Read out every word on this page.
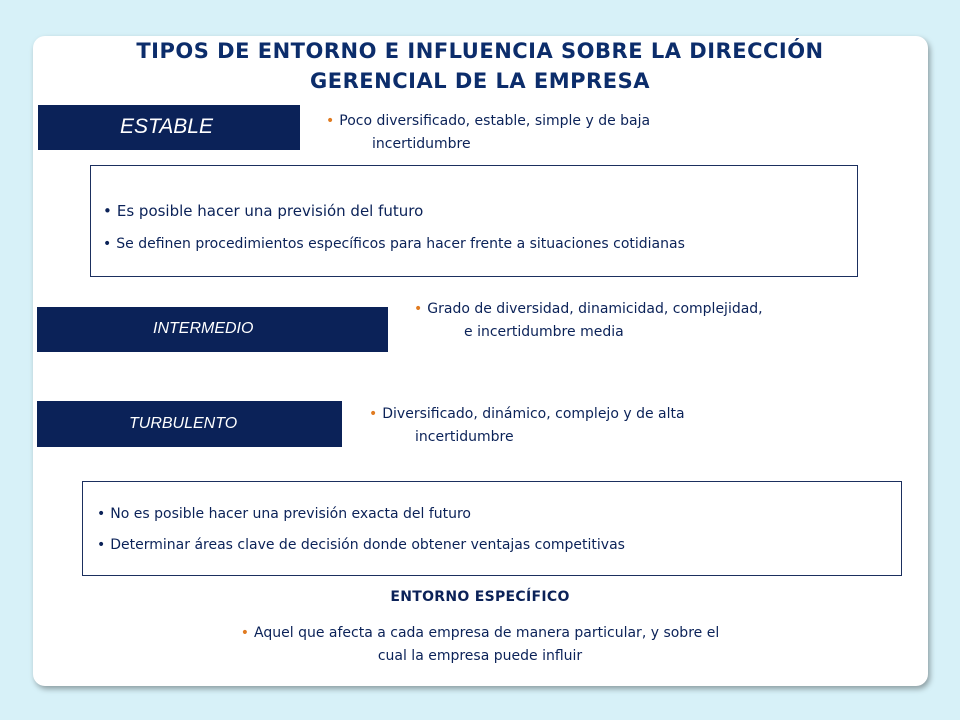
TIPOS DE ENTORNO E INFLUENCIA SOBRE LA DIRECCIÓN
GERENCIAL DE LA EMPRESA
ESTABLE	• Poco diversificado, estable, simple y de baja
incertidumbre
• Es posible hacer una previsión del futuro
• Se definen procedimientos específicos para hacer frente a situaciones cotidianas
INTERMEDIO
• Grado de diversidad, dinamicidad, complejidad,
e incertidumbre media
TURBULENTO
• Diversificado, dinámico, complejo y de alta
incertidumbre
• No es posible hacer una previsión exacta del futuro
• Determinar áreas clave de decisión donde obtener ventajas competitivas
ENTORNO ESPECÍFICO
• Aquel que afecta a cada empresa de manera particular, y sobre el
cual la empresa puede influir
